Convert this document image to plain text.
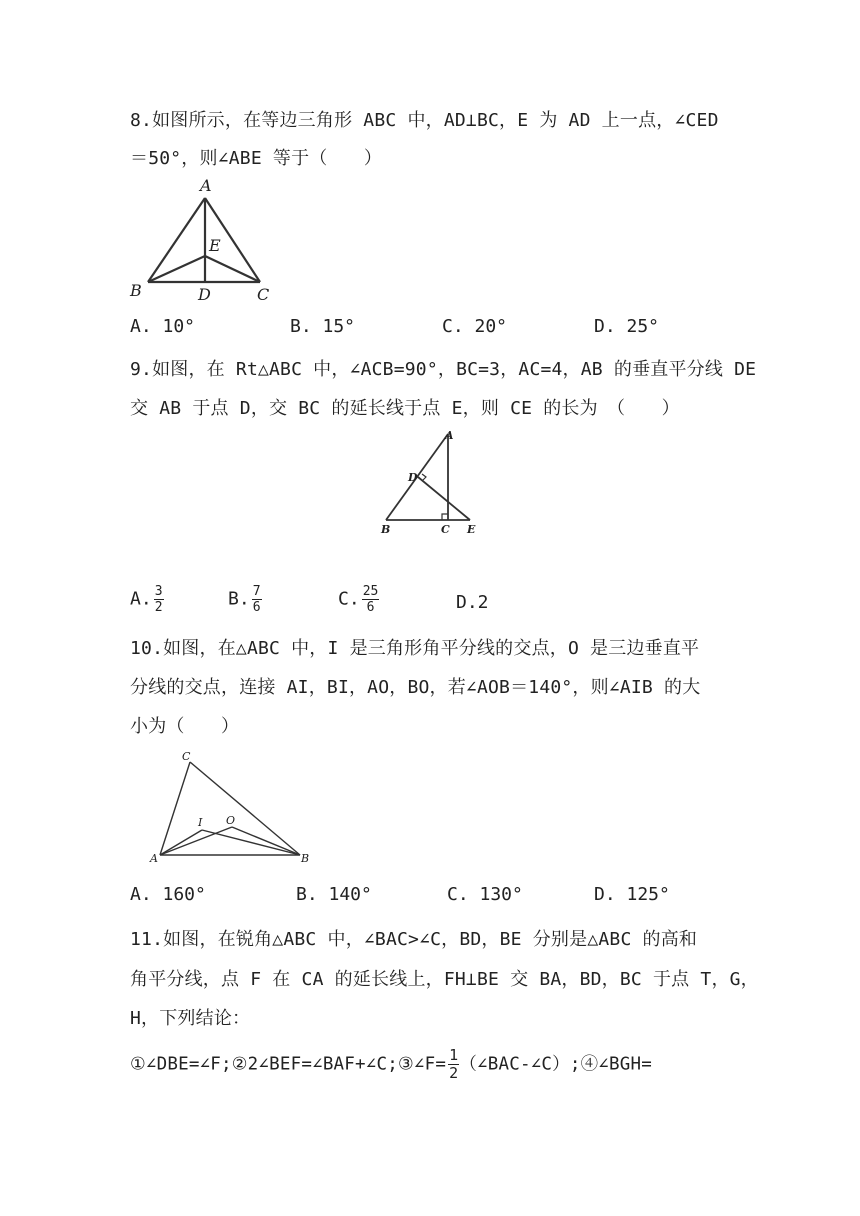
8.如图所示，在等边三角形 ABC 中，AD⊥BC，E 为 AD 上一点，∠CED
＝50°，则∠ABE 等于（　　）
A
E
B	D	C
A. 10°	B. 15°	C. 20°	D. 25°
9.如图，在 Rt△ABC 中，∠ACB=90°，BC=3，AC=4，AB 的垂直平分线 DE
交 AB 于点 D，交 BC 的延长线于点 E，则 CE 的长为　（　　）
A
D
B	C E
A. $\frac{3}{2}$	B. $\frac{7}{6}$	C. $\frac{25}{6}$	D.2
10.如图，在△ABC 中，I 是三角形角平分线的交点，O 是三边垂直平
分线的交点，连接 AI，BI，AO，BO，若∠AOB＝140°，则∠AIB 的大
小为（　　）
C
I O
A	B
A. 160°	B. 140°	C. 130°	D. 125°
11.如图，在锐角△ABC 中，∠BAC>∠C，BD，BE 分别是△ABC 的高和
角平分线，点 F 在 CA 的延长线上，FH⊥BE 交 BA，BD，BC 于点 T，G，
H，下列结论：
①∠DBE=∠F;②2∠BEF=∠BAF+∠C;③∠F= $\frac{1}{2}$ （∠BAC-∠C）;④∠BGH=
